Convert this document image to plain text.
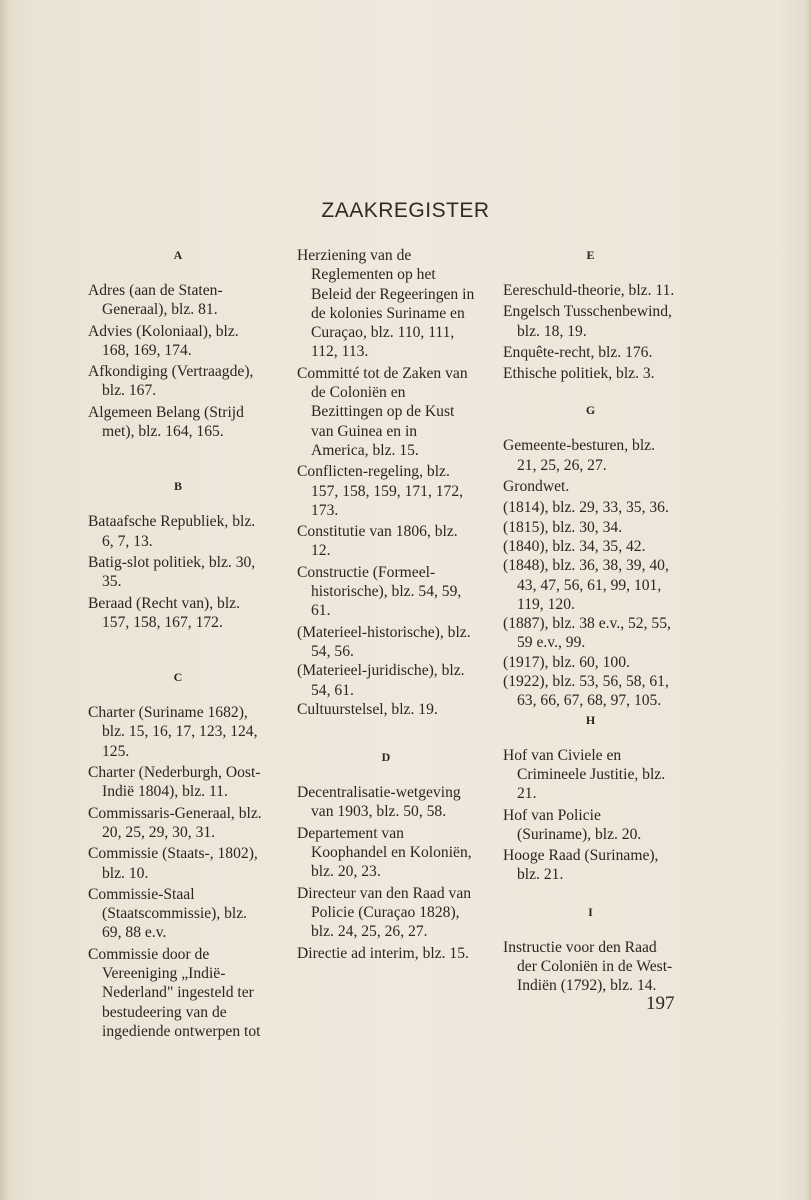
ZAAKREGISTER
A
Adres (aan de Staten-Generaal), blz. 81.
Advies (Koloniaal), blz. 168, 169, 174.
Afkondiging (Vertraagde), blz. 167.
Algemeen Belang (Strijd met), blz. 164, 165.
B
Bataafsche Republiek, blz. 6, 7, 13.
Batig-slot politiek, blz. 30, 35.
Beraad (Recht van), blz. 157, 158, 167, 172.
C
Charter (Suriname 1682), blz. 15, 16, 17, 123, 124, 125.
Charter (Nederburgh, Oost-Indië 1804), blz. 11.
Commissaris-Generaal, blz. 20, 25, 29, 30, 31.
Commissie (Staats-, 1802), blz. 10.
Commissie-Staal (Staatscommissie), blz. 69, 88 e.v.
Commissie door de Vereeniging „Indië-Nederland" ingesteld ter bestudeering van de ingediende ontwerpen tot
Herziening van de Reglementen op het Beleid der Regeeringen in de kolonies Suriname en Curaçao, blz. 110, 111, 112, 113.
Committé tot de Zaken van de Coloniën en Bezittingen op de Kust van Guinea en in America, blz. 15.
Conflicten-regeling, blz. 157, 158, 159, 171, 172, 173.
Constitutie van 1806, blz. 12.
Constructie (Formeel-historische), blz. 54, 59, 61.
(Materieel-historische), blz. 54, 56.
(Materieel-juridische), blz. 54, 61.
Cultuurstelsel, blz. 19.
D
Decentralisatie-wetgeving van 1903, blz. 50, 58.
Departement van Koophandel en Koloniën, blz. 20, 23.
Directeur van den Raad van Policie (Curaçao 1828), blz. 24, 25, 26, 27.
Directie ad interim, blz. 15.
E
Eereschuld-theorie, blz. 11.
Engelsch Tusschenbewind, blz. 18, 19.
Enquête-recht, blz. 176.
Ethische politiek, blz. 3.
G
Gemeente-besturen, blz. 21, 25, 26, 27.
Grondwet.
(1814), blz. 29, 33, 35, 36.
(1815), blz. 30, 34.
(1840), blz. 34, 35, 42.
(1848), blz. 36, 38, 39, 40, 43, 47, 56, 61, 99, 101, 119, 120.
(1887), blz. 38 e.v., 52, 55, 59 e.v., 99.
(1917), blz. 60, 100.
(1922), blz. 53, 56, 58, 61, 63, 66, 67, 68, 97, 105.
H
Hof van Civiele en Crimineele Justitie, blz. 21.
Hof van Policie (Suriname), blz. 20.
Hooge Raad (Suriname), blz. 21.
I
Instructie voor den Raad der Coloniën in de West-Indiën (1792), blz. 14.
197
